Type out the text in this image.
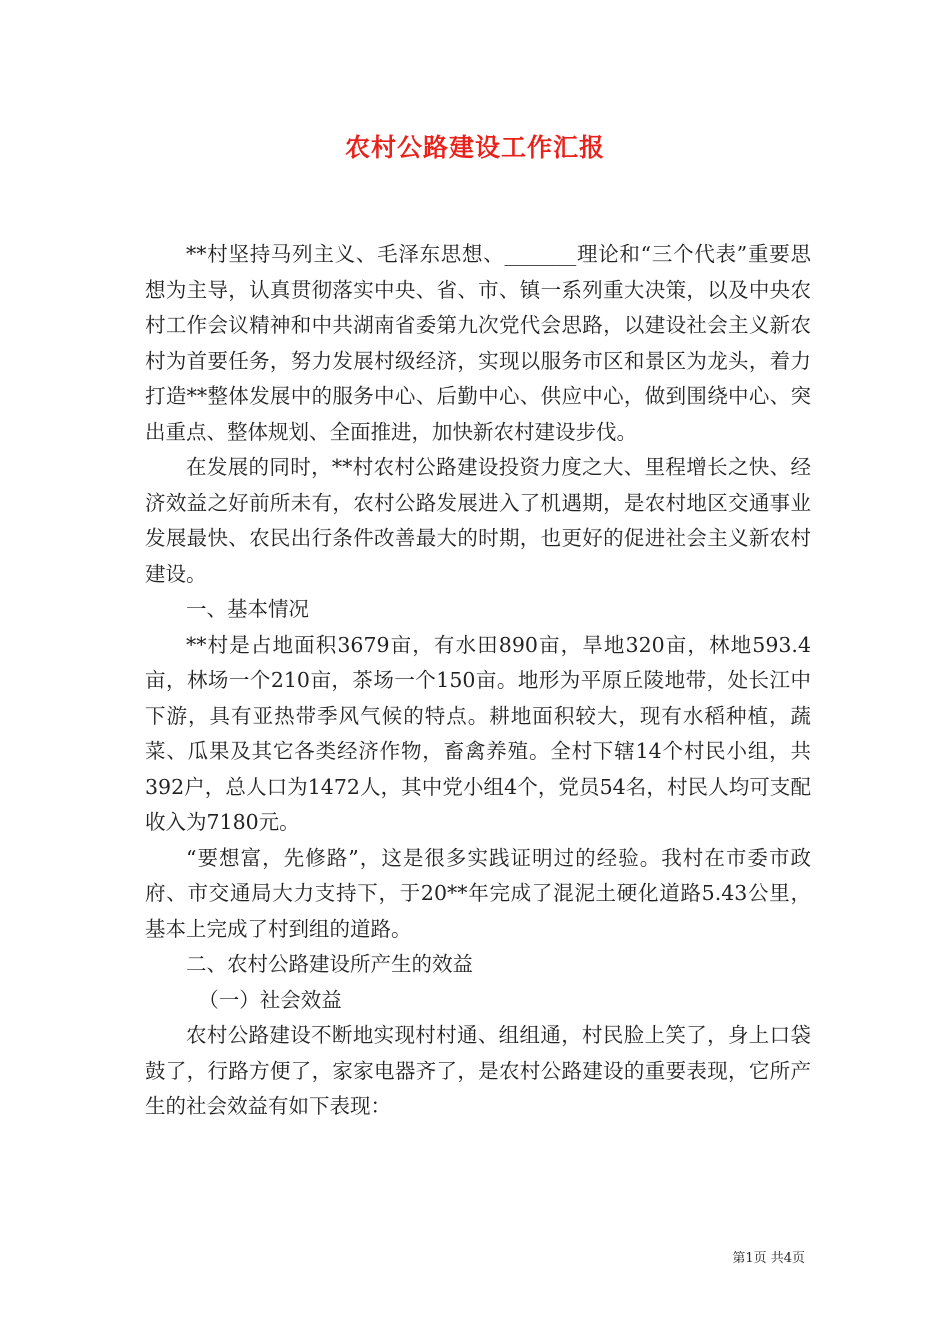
农村公路建设工作汇报

**村坚持马列主义、毛泽东思想、_______理论和“三个代表”重要思想为主导，认真贯彻落实中央、省、市、镇一系列重大决策，以及中央农村工作会议精神和中共湖南省委第九次党代会思路，以建设社会主义新农村为首要任务，努力发展村级经济，实现以服务市区和景区为龙头，着力打造**整体发展中的服务中心、后勤中心、供应中心，做到围绕中心、突出重点、整体规划、全面推进，加快新农村建设步伐。

在发展的同时，**村农村公路建设投资力度之大、里程增长之快、经济效益之好前所未有，农村公路发展进入了机遇期，是农村地区交通事业发展最快、农民出行条件改善最大的时期，也更好的促进社会主义新农村建设。

一、基本情况

**村是占地面积3679亩，有水田890亩，旱地320亩，林地593.4亩，林场一个210亩，茶场一个150亩。地形为平原丘陵地带，处长江中下游，具有亚热带季风气候的特点。耕地面积较大，现有水稻种植，蔬菜、瓜果及其它各类经济作物，畜禽养殖。全村下辖14个村民小组，共392户，总人口为1472人，其中党小组4个，党员54名，村民人均可支配收入为7180元。

“要想富，先修路”，这是很多实践证明过的经验。我村在市委市政府、市交通局大力支持下，于20**年完成了混泥土硬化道路5.43公里，基本上完成了村到组的道路。

二、农村公路建设所产生的效益

（一）社会效益

农村公路建设不断地实现村村通、组组通，村民脸上笑了，身上口袋鼓了，行路方便了，家家电器齐了，是农村公路建设的重要表现，它所产生的社会效益有如下表现：

第1页 共4页
